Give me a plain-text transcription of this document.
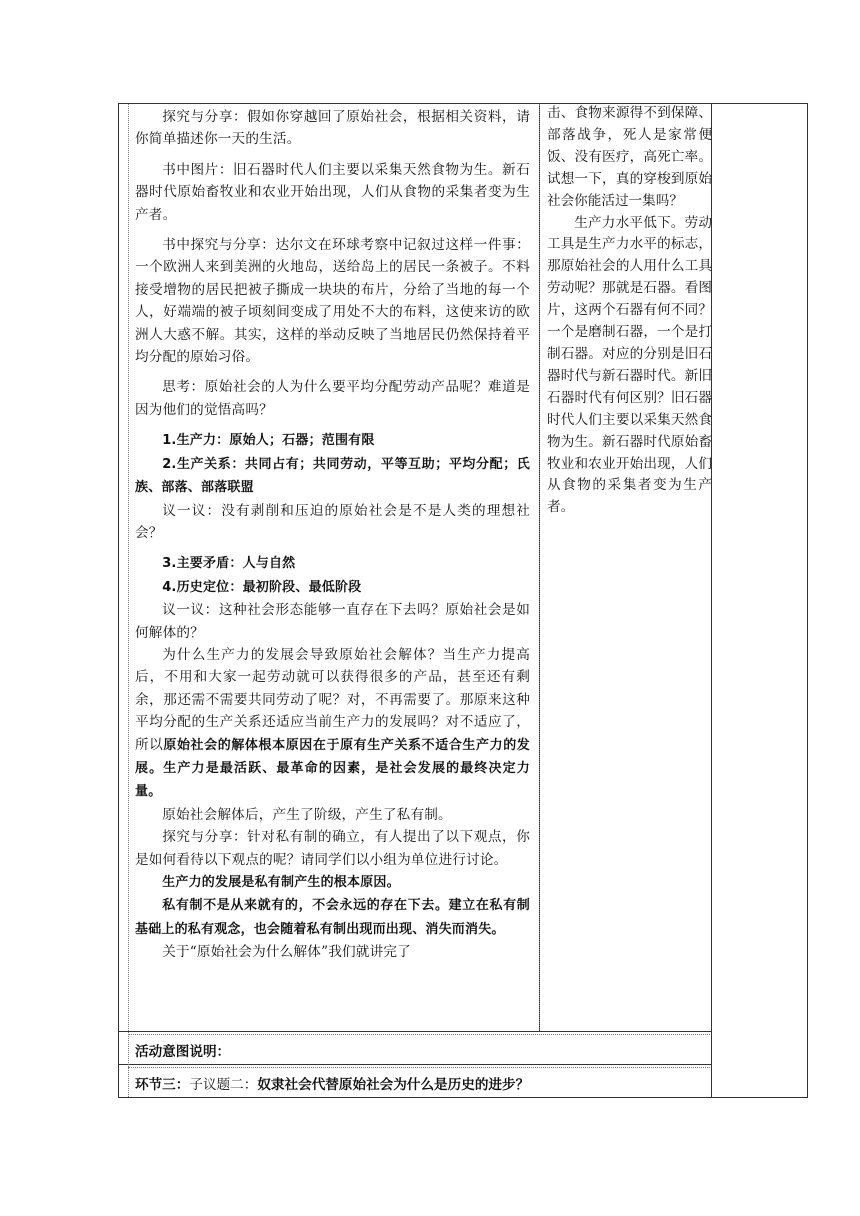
探究与分享：假如你穿越回了原始社会，根据相关资料，请你简单描述你一天的生活。

书中图片：旧石器时代人们主要以采集天然食物为生。新石器时代原始畜牧业和农业开始出现，人们从食物的采集者变为生产者。

书中探究与分享：达尔文在环球考察中记叙过这样一件事：一个欧洲人来到美洲的火地岛，送给岛上的居民一条被子。不料接受增物的居民把被子撕成一块块的布片，分给了当地的每一个人，好端端的被子顷刻间变成了用处不大的布料，这使来访的欧洲人大惑不解。其实，这样的举动反映了当地居民仍然保持着平均分配的原始习俗。

思考：原始社会的人为什么要平均分配劳动产品呢？难道是因为他们的觉悟高吗？

1.生产力：原始人；石器；范围有限

2.生产关系：共同占有；共同劳动，平等互助；平均分配；氏族、部落、部落联盟

议一议：没有剥削和压迫的原始社会是不是人类的理想社会？

3.主要矛盾：人与自然

4.历史定位：最初阶段、最低阶段

议一议：这种社会形态能够一直存在下去吗？原始社会是如何解体的？

为什么生产力的发展会导致原始社会解体？当生产力提高后，不用和大家一起劳动就可以获得很多的产品，甚至还有剩余，那还需不需要共同劳动了呢？对，不再需要了。那原来这种平均分配的生产关系还适应当前生产力的发展吗？对不适应了，所以原始社会的解体根本原因在于原有生产关系不适合生产力的发展。生产力是最活跃、最革命的因素，是社会发展的最终决定力量。

原始社会解体后，产生了阶级，产生了私有制。

探究与分享：针对私有制的确立，有人提出了以下观点，你是如何看待以下观点的呢？请同学们以小组为单位进行讨论。

生产力的发展是私有制产生的根本原因。

私有制不是从来就有的，不会永远的存在下去。建立在私有制基础上的私有观念，也会随着私有制出现而出现、消失而消失。

关于“原始社会为什么解体”我们就讲完了

击、食物来源得不到保障、部落战争，死人是家常便饭、没有医疗，高死亡率。试想一下，真的穿梭到原始社会你能活过一集吗？

生产力水平低下。劳动工具是生产力水平的标志，那原始社会的人用什么工具劳动呢？那就是石器。看图片，这两个石器有何不同？一个是磨制石器，一个是打制石器。对应的分别是旧石器时代与新石器时代。新旧石器时代有何区别？旧石器时代人们主要以采集天然食物为生。新石器时代原始畜牧业和农业开始出现，人们从食物的采集者变为生产者。

活动意图说明：
环节三：子议题二：奴隶社会代替原始社会为什么是历史的进步？
